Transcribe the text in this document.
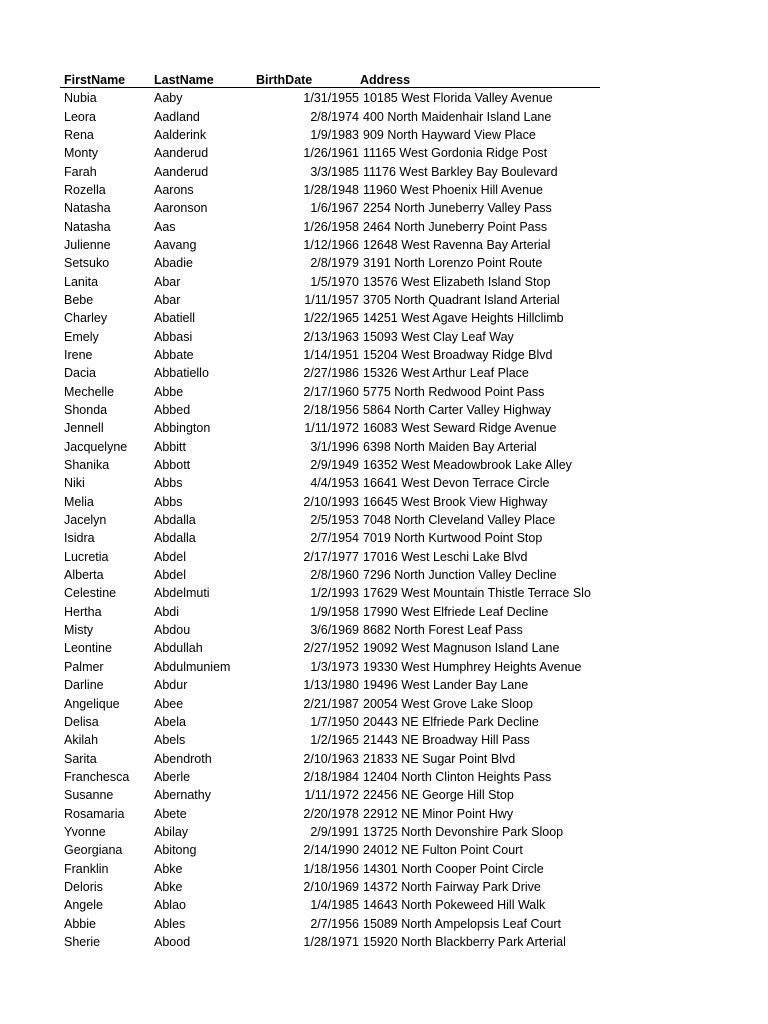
FirstName	LastName	BirthDate	Address
Nubia	Aaby	1/31/1955 10185 West Florida Valley Avenue
Leora	Aadland	2/8/1974 400 North Maidenhair Island Lane
Rena	Aalderink	1/9/1983 909 North Hayward View Place
Monty	Aanderud	1/26/1961 11165 West Gordonia Ridge Post
Farah	Aanderud	3/3/1985 11176 West Barkley Bay Boulevard
Rozella	Aarons	1/28/1948 11960 West Phoenix Hill Avenue
Natasha	Aaronson	1/6/1967 2254 North Juneberry Valley Pass
Natasha	Aas	1/26/1958 2464 North Juneberry Point Pass
Julienne	Aavang	1/12/1966 12648 West Ravenna Bay Arterial
Setsuko	Abadie	2/8/1979 3191 North Lorenzo Point Route
Lanita	Abar	1/5/1970 13576 West Elizabeth Island Stop
Bebe	Abar	1/11/1957 3705 North Quadrant Island Arterial
Charley	Abatiell	1/22/1965 14251 West Agave Heights Hillclimb
Emely	Abbasi	2/13/1963 15093 West Clay Leaf Way
Irene	Abbate	1/14/1951 15204 West Broadway Ridge Blvd
Dacia	Abbatiello	2/27/1986 15326 West Arthur Leaf Place
Mechelle	Abbe	2/17/1960 5775 North Redwood Point Pass
Shonda	Abbed	2/18/1956 5864 North Carter Valley Highway
Jennell	Abbington	1/11/1972 16083 West Seward Ridge Avenue
Jacquelyne	Abbitt	3/1/1996 6398 North Maiden Bay Arterial
Shanika	Abbott	2/9/1949 16352 West Meadowbrook Lake Alley
Niki	Abbs	4/4/1953 16641 West Devon Terrace Circle
Melia	Abbs	2/10/1993 16645 West Brook View Highway
Jacelyn	Abdalla	2/5/1953 7048 North Cleveland Valley Place
Isidra	Abdalla	2/7/1954 7019 North Kurtwood Point Stop
Lucretia	Abdel	2/17/1977 17016 West Leschi Lake Blvd
Alberta	Abdel	2/8/1960 7296 North Junction Valley Decline
Celestine	Abdelmuti	1/2/1993 17629 West Mountain Thistle Terrace Slo
Hertha	Abdi	1/9/1958 17990 West Elfriede Leaf Decline
Misty	Abdou	3/6/1969 8682 North Forest Leaf Pass
Leontine	Abdullah	2/27/1952 19092 West Magnuson Island Lane
Palmer	Abdulmuniem	1/3/1973 19330 West Humphrey Heights Avenue
Darline	Abdur	1/13/1980 19496 West Lander Bay Lane
Angelique	Abee	2/21/1987 20054 West Grove Lake Sloop
Delisa	Abela	1/7/1950 20443 NE Elfriede Park Decline
Akilah	Abels	1/2/1965 21443 NE Broadway Hill Pass
Sarita	Abendroth	2/10/1963 21833 NE Sugar Point Blvd
Franchesca	Aberle	2/18/1984 12404 North Clinton Heights Pass
Susanne	Abernathy	1/11/1972 22456 NE George Hill Stop
Rosamaria	Abete	2/20/1978 22912 NE Minor Point Hwy
Yvonne	Abilay	2/9/1991 13725 North Devonshire Park Sloop
Georgiana	Abitong	2/14/1990 24012 NE Fulton Point Court
Franklin	Abke	1/18/1956 14301 North Cooper Point Circle
Deloris	Abke	2/10/1969 14372 North Fairway Park Drive
Angele	Ablao	1/4/1985 14643 North Pokeweed Hill Walk
Abbie	Ables	2/7/1956 15089 North Ampelopsis Leaf Court
Sherie	Abood	1/28/1971 15920 North Blackberry Park Arterial
